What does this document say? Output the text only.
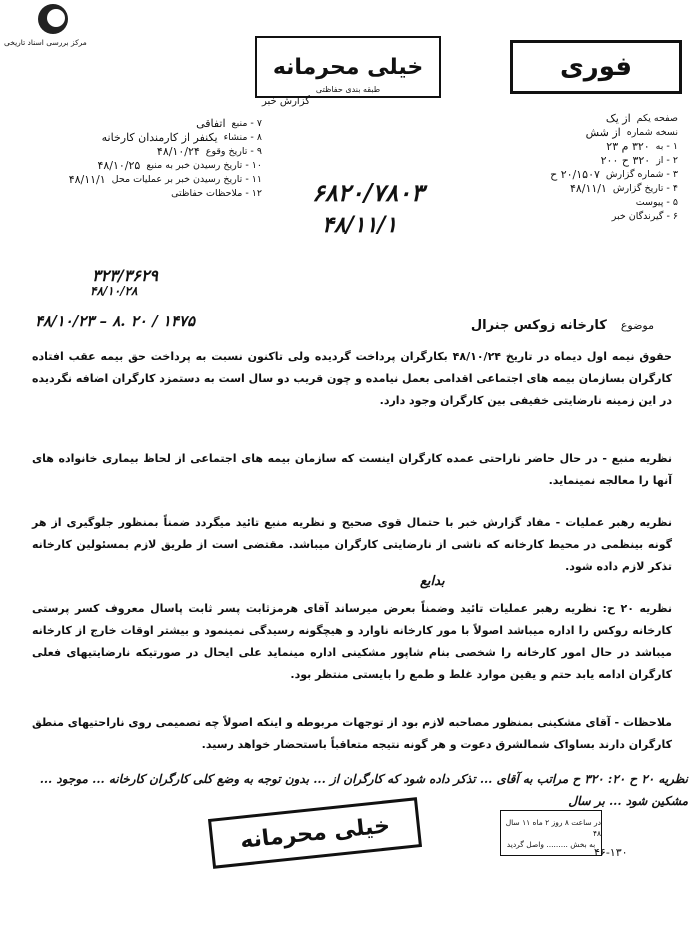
مرکز بررسی اسناد تاریخی
فوری
خیلی محرمانه
طبقه بندی حفاظتی
گزارش خبر
صفحه یکم
از یک
نسخه شماره
از شش
۱ - به
۳۲۰ م ۲۳
۲ - از
۳۲۰ ح ۲۰۰
۳ - شماره گزارش
۲۰/۱۵۰۷ ح
۴ - تاریخ گزارش
۴۸/۱۱/۱
۵ - پیوست
۶ - گیرندگان خبر
۷ - منبع
اتفاقی
۸ - منشاء
یکنفر از کارمندان کارخانه
۹ - تاریخ وقوع
۴۸/۱۰/۲۴
۱۰ - تاریخ رسیدن خبر به منبع
۴۸/۱۰/۲۵
۱۱ - تاریخ رسیدن خبر بر عملیات محل
۴۸/۱۱/۱
۱۲ - ملاحظات حفاظتی ۶۸۲۰/۷۸۰۳
۴۸/۱۱/۱
۳۲۳/۳۶۲۹
۴۸/۱۰/۲۸
۴۸/۱۰/۲۳ – ۸. ۲۰ / ۱۴۷۵	موضوع    کارخانه زوکس جنرال
حقوق نیمه اول دیماه در تاریخ ۴۸/۱۰/۲۴ بکارگران پرداخت گردیده ولی تاکنون نسبت به پرداخت حق بیمه عقب افتاده کارگران بسازمان بیمه های اجتماعی اقدامی بعمل نیامده و چون قریب دو سال است به دستمزد کارگران اضافه نگردیده در این زمینه نارضایتی خفیفی بین کارگران وجود دارد.
نظریه منبع - در حال حاضر ناراحتی عمده کارگران اینست که سازمان بیمه های اجتماعی از لحاظ بیماری خانواده های آنها را معالجه نمینماید.
نظریه رهبر عملیات - مفاد گزارش خبر با حتمال قوی صحیح و نظریه منبع تائید میگردد ضمناً بمنظور جلوگیری از هر گونه بینظمی در محیط کارخانه که ناشی از نارضایتی کارگران میباشد. مقتضی است از طریق لازم بمسئولین کارخانه تذکر لازم داده شود.
بدایع
نظریه ۲۰ ح: نظریه رهبر عملیات تائید وضمناً بعرض میرساند آقای هرمزثابت پسر ثابت پاسال معروف کسر پرستی کارخانه روکس را اداره میباشد اصولاً با مور کارخانه ناوارد و هیچگونه رسیدگی نمینمود و بیشتر اوقات خارج از کارخانه میباشد در حال امور کارخانه را شخصی بنام شاپور مشکینی اداره مینماید علی ایحال در صورتیکه نارضایتیهای فعلی کارگران ادامه یابد حتم و یقین موارد غلط و طمع را بایستی منتظر بود.
ملاحظات - آقای مشکینی بمنظور مصاحبه لازم بود از توجهات مربوطه و اینکه اصولاً چه تصمیمی روی ناراحتیهای منطق کارگران دارند بساواک شمالشرق دعوت و هر گونه نتیجه متعاقباً باستحضار خواهد رسید.
نظریه ۲۰ ح ۲۰: ۳۲۰ ح مراتب به آقای ... تذکر داده شود که کارگران از ... بدون توجه به وضع کلی کارگران کارخانه ... موجود ... مشکین شود ... بر سال
خیلی محرمانه	در ساعت ۸ روز ۲ ماه ۱۱ سال ۴۸
به بخش ......... واصل گردید
۴۶-۱۳۰
